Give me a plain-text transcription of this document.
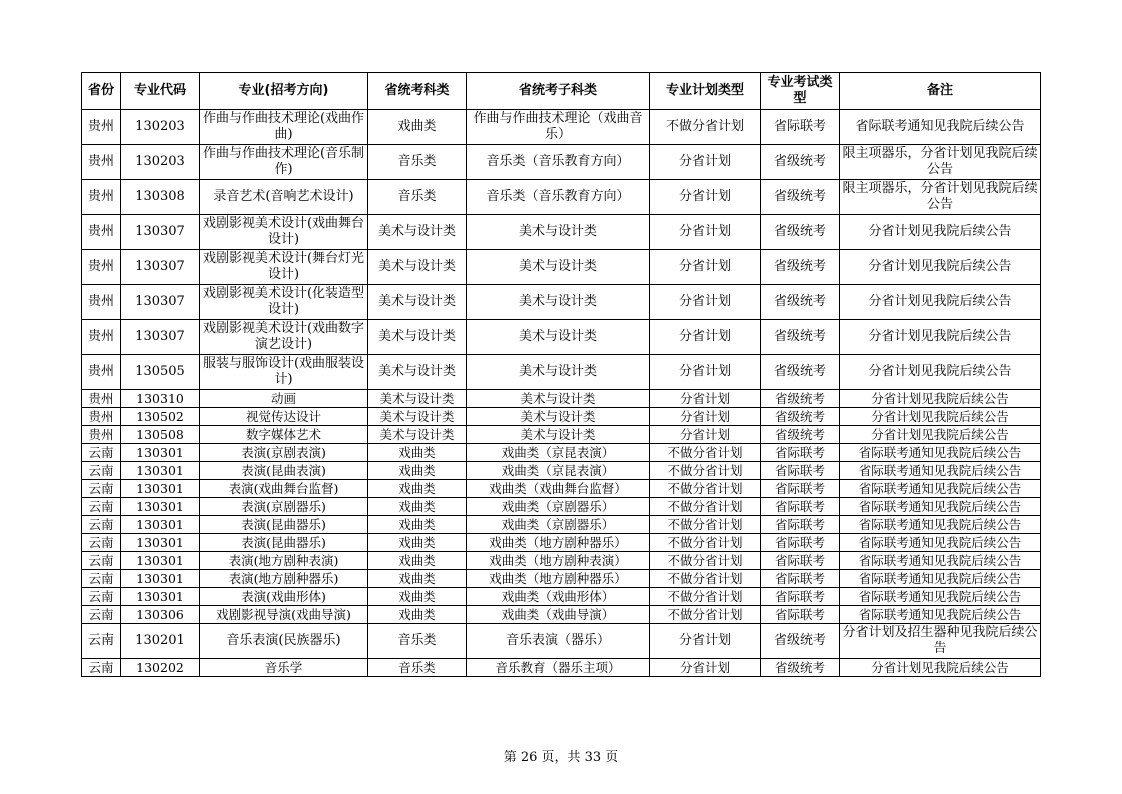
省份	专业代码	专业(招考方向)	省统考科类	省统考子科类	专业计划类型	专业考试类型	备注
贵州	130203	作曲与作曲技术理论(戏曲作曲)	戏曲类	作曲与作曲技术理论（戏曲音乐）	不做分省计划	省际联考	省际联考通知见我院后续公告
贵州	130203	作曲与作曲技术理论(音乐制作)	音乐类	音乐类（音乐教育方向）	分省计划	省级统考	限主项器乐，分省计划见我院后续公告
贵州	130308	录音艺术(音响艺术设计)	音乐类	音乐类（音乐教育方向）	分省计划	省级统考	限主项器乐，分省计划见我院后续公告
贵州	130307	戏剧影视美术设计(戏曲舞台设计)	美术与设计类	美术与设计类	分省计划	省级统考	分省计划见我院后续公告
贵州	130307	戏剧影视美术设计(舞台灯光设计)	美术与设计类	美术与设计类	分省计划	省级统考	分省计划见我院后续公告
贵州	130307	戏剧影视美术设计(化装造型设计)	美术与设计类	美术与设计类	分省计划	省级统考	分省计划见我院后续公告
贵州	130307	戏剧影视美术设计(戏曲数字演艺设计)	美术与设计类	美术与设计类	分省计划	省级统考	分省计划见我院后续公告
贵州	130505	服装与服饰设计(戏曲服装设计)	美术与设计类	美术与设计类	分省计划	省级统考	分省计划见我院后续公告
贵州	130310	动画	美术与设计类	美术与设计类	分省计划	省级统考	分省计划见我院后续公告
贵州	130502	视觉传达设计	美术与设计类	美术与设计类	分省计划	省级统考	分省计划见我院后续公告
贵州	130508	数字媒体艺术	美术与设计类	美术与设计类	分省计划	省级统考	分省计划见我院后续公告
云南	130301	表演(京剧表演)	戏曲类	戏曲类（京昆表演）	不做分省计划	省际联考	省际联考通知见我院后续公告
云南	130301	表演(昆曲表演)	戏曲类	戏曲类（京昆表演）	不做分省计划	省际联考	省际联考通知见我院后续公告
云南	130301	表演(戏曲舞台监督)	戏曲类	戏曲类（戏曲舞台监督）	不做分省计划	省际联考	省际联考通知见我院后续公告
云南	130301	表演(京剧器乐)	戏曲类	戏曲类（京剧器乐）	不做分省计划	省际联考	省际联考通知见我院后续公告
云南	130301	表演(昆曲器乐)	戏曲类	戏曲类（京剧器乐）	不做分省计划	省际联考	省际联考通知见我院后续公告
云南	130301	表演(昆曲器乐)	戏曲类	戏曲类（地方剧种器乐）	不做分省计划	省际联考	省际联考通知见我院后续公告
云南	130301	表演(地方剧种表演)	戏曲类	戏曲类（地方剧种表演）	不做分省计划	省际联考	省际联考通知见我院后续公告
云南	130301	表演(地方剧种器乐)	戏曲类	戏曲类（地方剧种器乐）	不做分省计划	省际联考	省际联考通知见我院后续公告
云南	130301	表演(戏曲形体)	戏曲类	戏曲类（戏曲形体）	不做分省计划	省际联考	省际联考通知见我院后续公告
云南	130306	戏剧影视导演(戏曲导演)	戏曲类	戏曲类（戏曲导演）	不做分省计划	省际联考	省际联考通知见我院后续公告
云南	130201	音乐表演(民族器乐)	音乐类	音乐表演（器乐）	分省计划	省级统考	分省计划及招生器种见我院后续公告
云南	130202	音乐学	音乐类	音乐教育（器乐主项）	分省计划	省级统考	分省计划见我院后续公告
第 26 页，共 33 页
